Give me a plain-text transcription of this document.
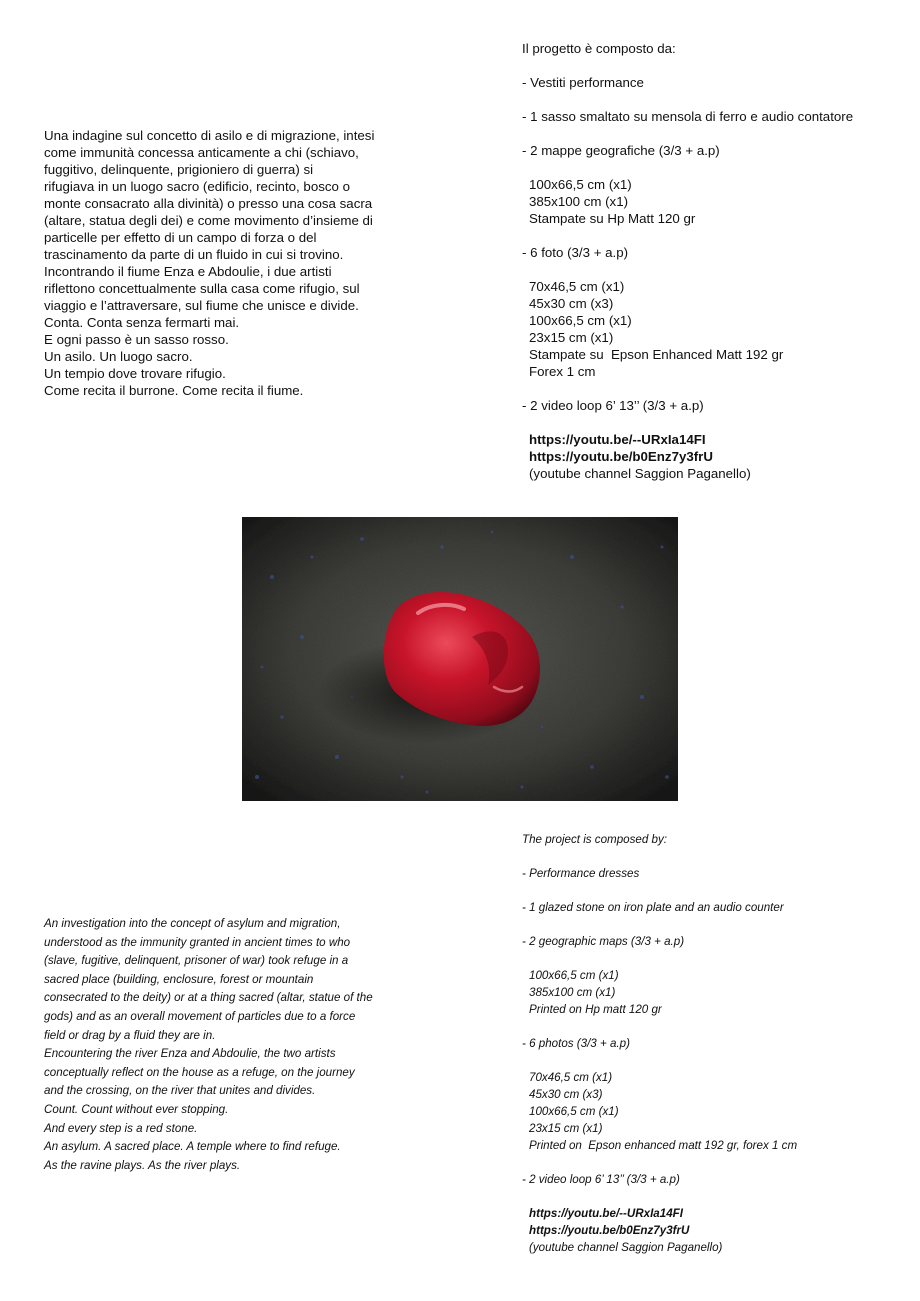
Una indagine sul concetto di asilo e di migrazione, intesi
come immunità concessa anticamente a chi (schiavo,
fuggitivo, delinquente, prigioniero di guerra) si
rifugiava in un luogo sacro (edificio, recinto, bosco o
monte consacrato alla divinità) o presso una cosa sacra
(altare, statua degli dei) e come movimento d’insieme di
particelle per effetto di un campo di forza o del
trascinamento da parte di un fluido in cui si trovino.
Incontrando il fiume Enza e Abdoulie, i due artisti
riflettono concettualmente sulla casa come rifugio, sul
viaggio e l’attraversare, sul fiume che unisce e divide.
Conta. Conta senza fermarti mai.
E ogni passo è un sasso rosso.
Un asilo. Un luogo sacro.
Un tempio dove trovare rifugio.
Come recita il burrone. Come recita il fiume.
Il progetto è composto da:
- Vestiti performance
- 1 sasso smaltato su mensola di ferro e audio contatore
- 2 mappe geografiche (3/3 + a.p)
100x66,5 cm (x1)
385x100 cm (x1)
Stampate su Hp Matt 120 gr
- 6 foto (3/3 + a.p)
70x46,5 cm (x1)
45x30 cm (x3)
100x66,5 cm (x1)
23x15 cm (x1)
Stampate su  Epson Enhanced Matt 192 gr
Forex 1 cm
- 2 video loop 6’ 13’’ (3/3 + a.p)
https://youtu.be/--URxIa14FI
https://youtu.be/b0Enz7y3frU
(youtube channel Saggion Paganello)
An investigation into the concept of asylum and migration,
understood as the immunity granted in ancient times to who
(slave, fugitive, delinquent, prisoner of war) took refuge in a
sacred place (building, enclosure, forest or mountain
consecrated to the deity) or at a thing sacred (altar, statue of the
gods) and as an overall movement of particles due to a force
field or drag by a fluid they are in.
Encountering the river Enza and Abdoulie, the two artists
conceptually reflect on the house as a refuge, on the journey
and the crossing, on the river that unites and divides.
Count. Count without ever stopping.
And every step is a red stone.
An asylum. A sacred place. A temple where to find refuge.
As the ravine plays. As the river plays.
The project is composed by:
- Performance dresses
- 1 glazed stone on iron plate and an audio counter
- 2 geographic maps (3/3 + a.p)
100x66,5 cm (x1)
385x100 cm (x1)
Printed on Hp matt 120 gr
- 6 photos (3/3 + a.p)
70x46,5 cm (x1)
45x30 cm (x3)
100x66,5 cm (x1)
23x15 cm (x1)
Printed on  Epson enhanced matt 192 gr, forex 1 cm
- 2 video loop 6’ 13’’ (3/3 + a.p)
https://youtu.be/--URxIa14FI
https://youtu.be/b0Enz7y3frU
(youtube channel Saggion Paganello)
